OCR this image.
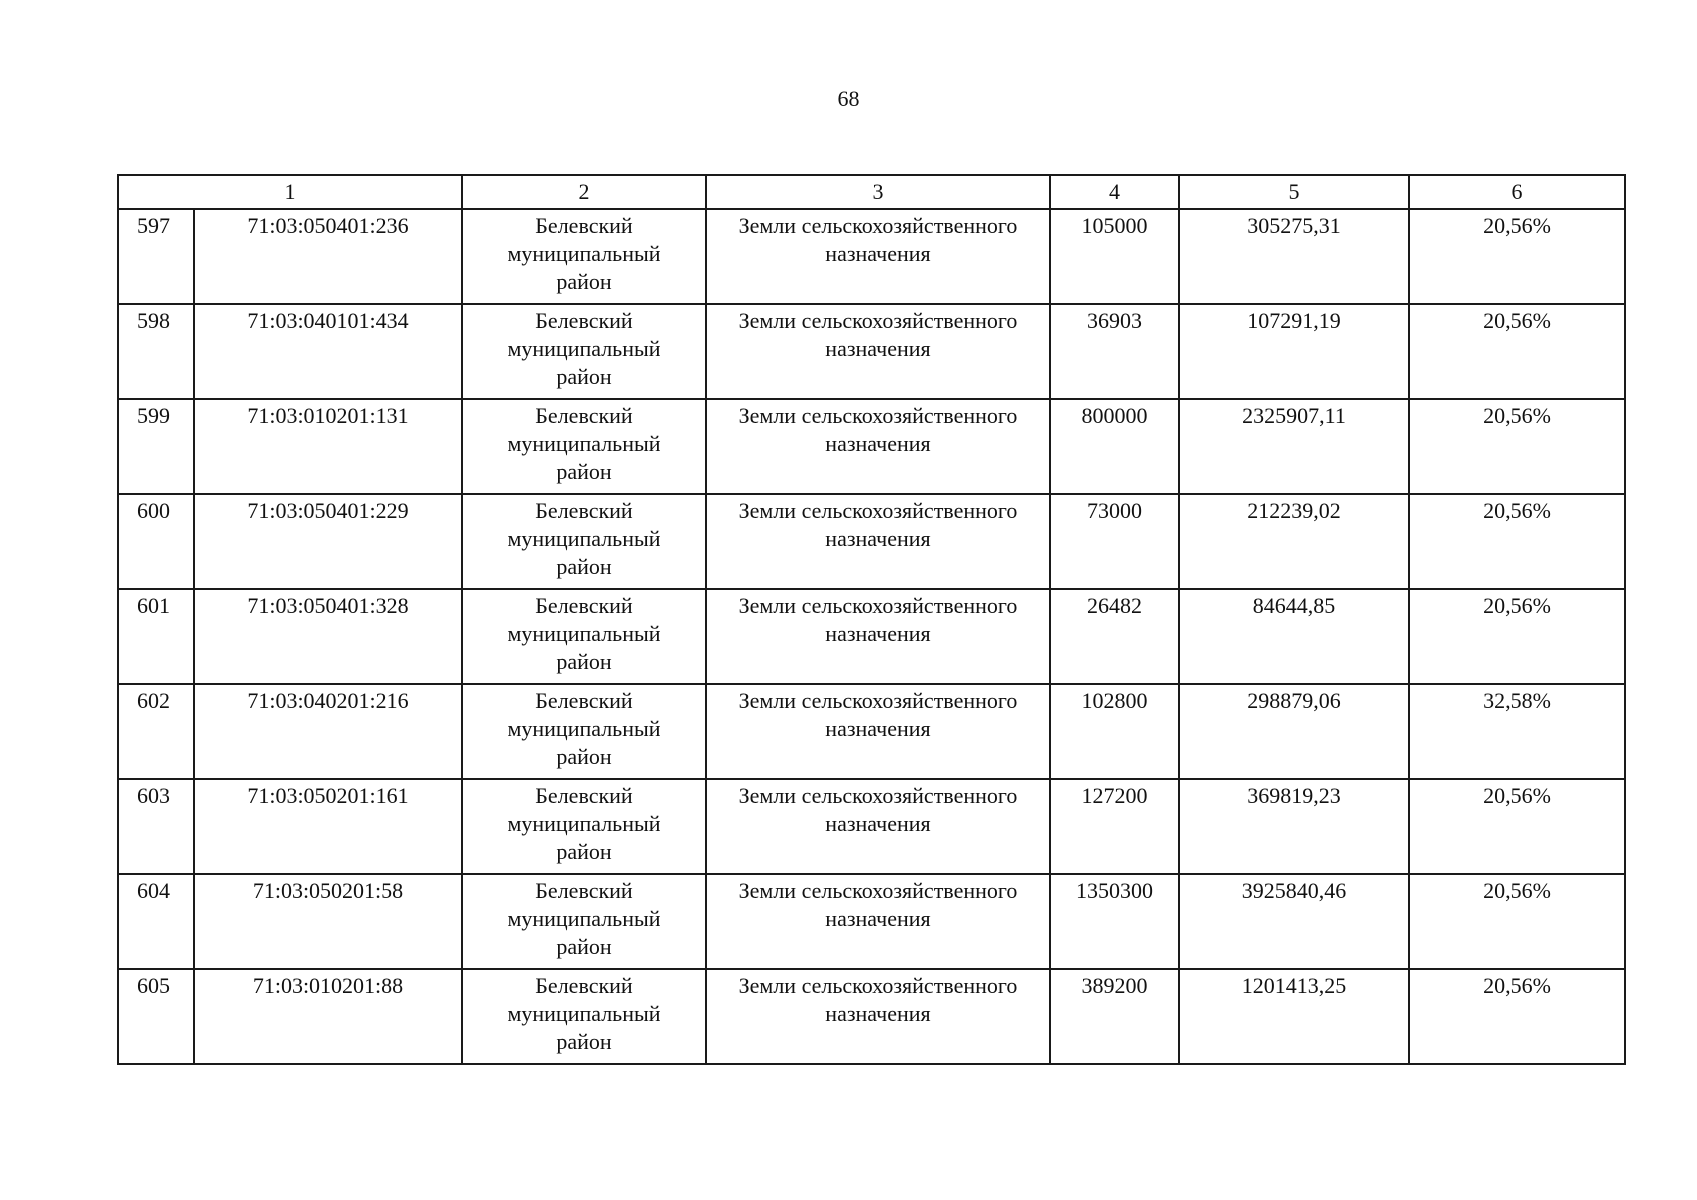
68
1		2	3	4	5	6
597	71:03:050401:236	Белевский
муниципальный
район	Земли сельскохозяйственного
назначения	105000	305275,31	20,56%
598	71:03:040101:434	Белевский
муниципальный
район	Земли сельскохозяйственного
назначения	36903	107291,19	20,56%
599	71:03:010201:131	Белевский
муниципальный
район	Земли сельскохозяйственного
назначения	800000	2325907,11	20,56%
600	71:03:050401:229	Белевский
муниципальный
район	Земли сельскохозяйственного
назначения	73000	212239,02	20,56%
601	71:03:050401:328	Белевский
муниципальный
район	Земли сельскохозяйственного
назначения	26482	84644,85	20,56%
602	71:03:040201:216	Белевский
муниципальный
район	Земли сельскохозяйственного
назначения	102800	298879,06	32,58%
603	71:03:050201:161	Белевский
муниципальный
район	Земли сельскохозяйственного
назначения	127200	369819,23	20,56%
604	71:03:050201:58	Белевский
муниципальный
район	Земли сельскохозяйственного
назначения	1350300	3925840,46	20,56%
605	71:03:010201:88	Белевский
муниципальный
район	Земли сельскохозяйственного
назначения	389200	1201413,25	20,56%
